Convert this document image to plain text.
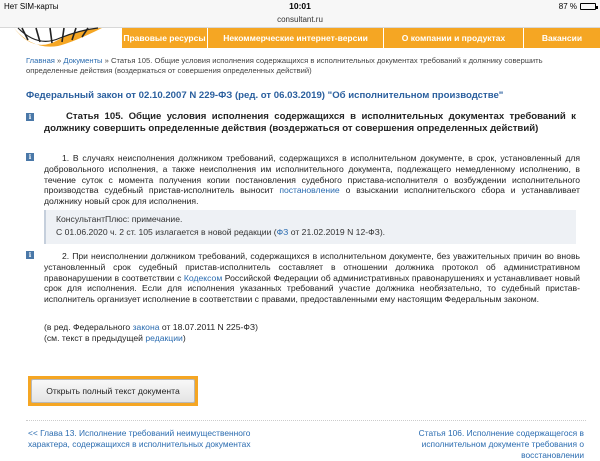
Нет SIM-карты	10:01	87 %
consultant.ru
Правовые ресурсы	Некоммерческие интернет-версии	О компании и продуктах	Вакансии
Главная » Документы » Статья 105. Общие условия исполнения содержащихся в исполнительных документах требований к должнику совершить определенные действия (воздержаться от совершения определенных действий)
Федеральный закон от 02.10.2007 N 229-ФЗ (ред. от 06.03.2019) "Об исполнительном производстве"
i	Статья 105. Общие условия исполнения содержащихся в исполнительных документах требований к должнику совершить определенные действия (воздержаться от совершения определенных действий)
i	1. В случаях неисполнения должником требований, содержащихся в исполнительном документе, в срок, установленный для добровольного исполнения, а также неисполнения им исполнительного документа, подлежащего немедленному исполнению, в течение суток с момента получения копии постановления судебного пристава-исполнителя о возбуждении исполнительного производства судебный пристав-исполнитель выносит постановление о взыскании исполнительского сбора и устанавливает должнику новый срок для исполнения.
КонсультантПлюс: примечание.
С 01.06.2020 ч. 2 ст. 105 излагается в новой редакции (ФЗ от 21.02.2019 N 12-ФЗ).
i	2. При неисполнении должником требований, содержащихся в исполнительном документе, без уважительных причин во вновь установленный срок судебный пристав-исполнитель составляет в отношении должника протокол об административном правонарушении в соответствии с Кодексом Российской Федерации об административных правонарушениях и устанавливает новый срок для исполнения. Если для исполнения указанных требований участие должника необязательно, то судебный пристав-исполнитель организует исполнение в соответствии с правами, предоставленными ему настоящим Федеральным законом.
(в ред. Федерального закона от 18.07.2011 N 225-ФЗ)
(см. текст в предыдущей редакции)
Открыть полный текст документа
<< Глава 13. Исполнение требований неимущественного характера, содержащихся в исполнительных документах
Статья 106. Исполнение содержащегося в исполнительном документе требования о восстановлении
